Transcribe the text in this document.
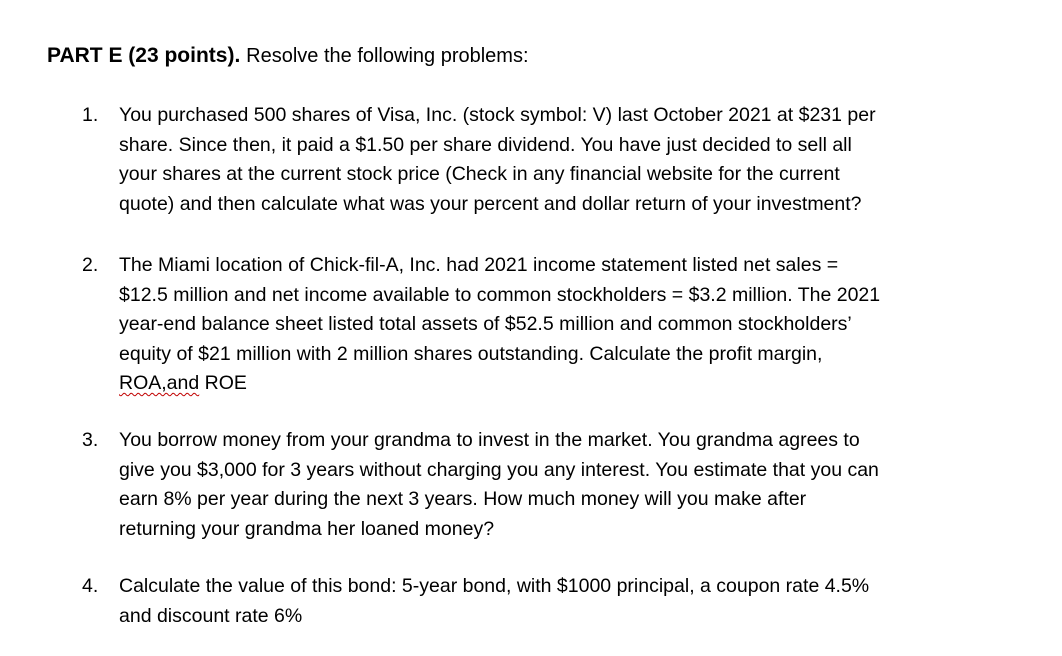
PART E (23 points). Resolve the following problems:
1.	You purchased 500 shares of Visa, Inc. (stock symbol: V) last October 2021 at $231 per
share. Since then, it paid a $1.50 per share dividend. You have just decided to sell all
your shares at the current stock price (Check in any financial website for the current
quote) and then calculate what was your percent and dollar return of your investment?
2.	The Miami location of Chick-fil-A, Inc. had 2021 income statement listed net sales =
$12.5 million and net income available to common stockholders = $3.2 million. The 2021
year-end balance sheet listed total assets of $52.5 million and common stockholders’
equity of $21 million with 2 million shares outstanding. Calculate the profit margin,
ROA,and ROE
3.	You borrow money from your grandma to invest in the market. You grandma agrees to
give you $3,000 for 3 years without charging you any interest. You estimate that you can
earn 8% per year during the next 3 years. How much money will you make after
returning your grandma her loaned money?
4.	Calculate the value of this bond: 5-year bond, with $1000 principal, a coupon rate 4.5%
and discount rate 6%
